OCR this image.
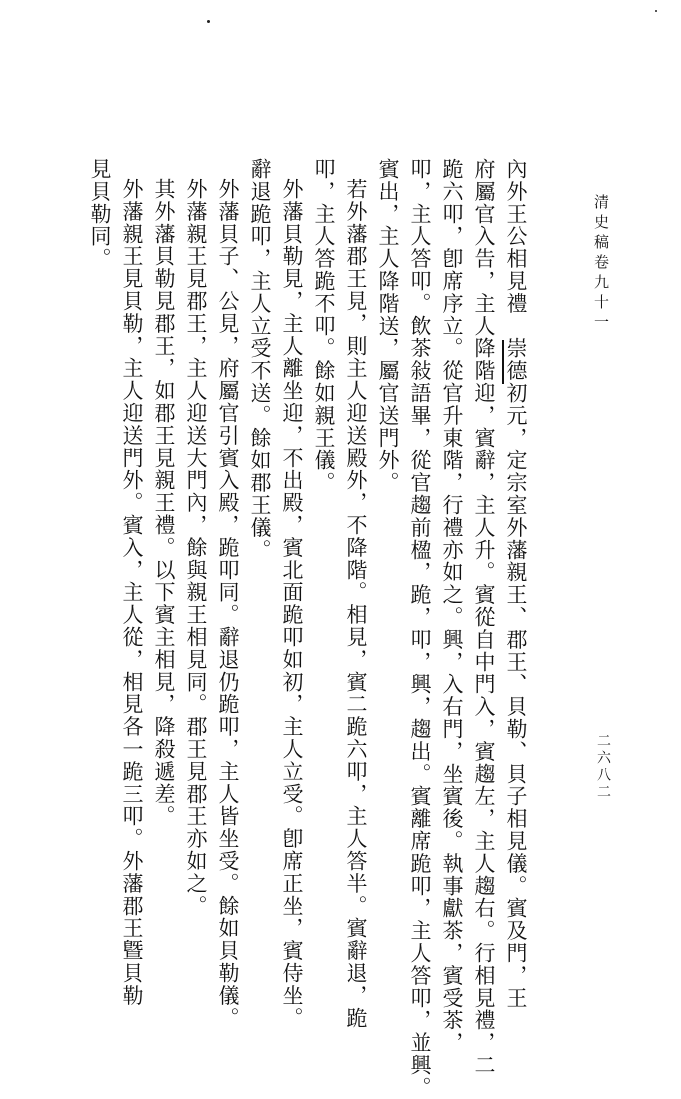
清史稿卷九十一
二六八二
內外王公相見禮　崇德初元，定宗室外藩親王、郡王、貝勒、貝子相見儀。賓及門，王
府屬官入告，主人降階迎，賓辭，主人升。賓從自中門入，賓趨左，主人趨右。行相見禮，二
跪六叩，卽席序立。從官升東階，行禮亦如之。興，入右門，坐賓後。執事獻茶，賓受茶，
叩，主人答叩。飲茶敍語畢，從官趨前楹，跪，叩，興，趨出。賓離席跪叩，主人答叩，並興。
賓出，主人降階送，屬官送門外。
若外藩郡王見，則主人迎送殿外，不降階。相見，賓二跪六叩，主人答半。賓辭退，跪
叩，主人答跪不叩。餘如親王儀。
外藩貝勒見，主人離坐迎，不出殿，賓北面跪叩如初，主人立受。卽席正坐，賓侍坐。
辭退跪叩，主人立受不送。餘如郡王儀。
外藩貝子、公見，府屬官引賓入殿，跪叩同。辭退仍跪叩，主人皆坐受。餘如貝勒儀。
外藩親王見郡王，主人迎送大門內，餘與親王相見同。郡王見郡王亦如之。
其外藩貝勒見郡王，如郡王見親王禮。以下賓主相見，降殺遞差。
外藩親王見貝勒，主人迎送門外。賓入，主人從，相見各一跪三叩。外藩郡王曁貝勒
見貝勒同。
